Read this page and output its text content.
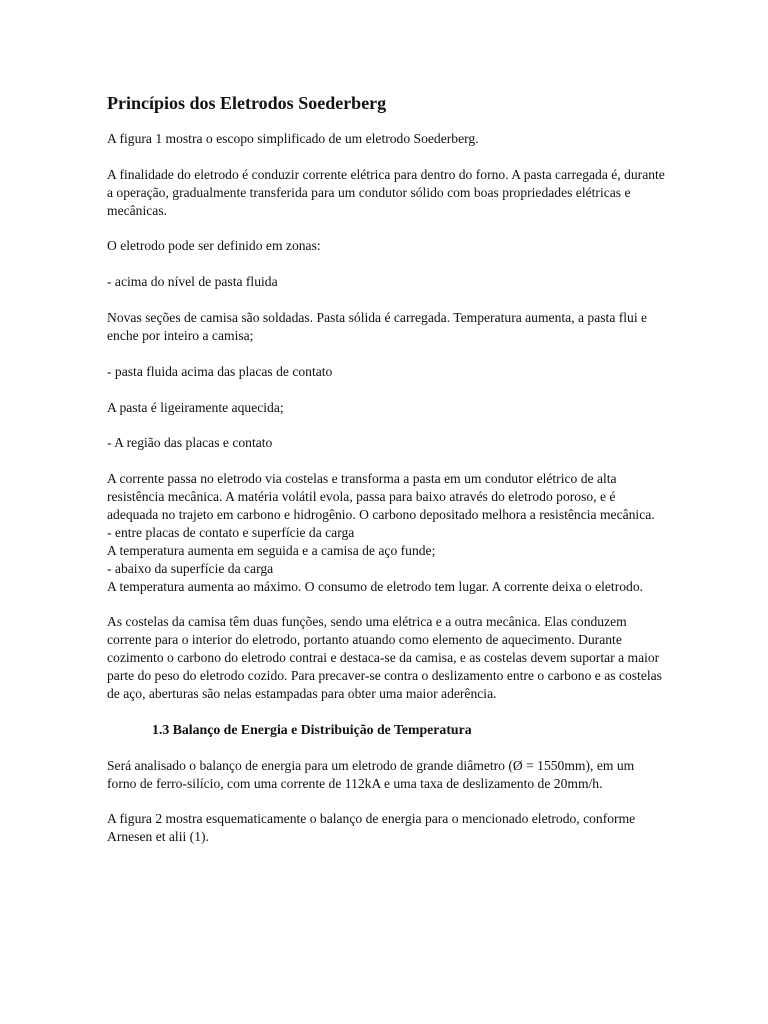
Princípios dos Eletrodos Soederberg

A figura 1 mostra o escopo simplificado de um eletrodo Soederberg.

A finalidade do eletrodo é conduzir corrente elétrica para dentro do forno. A pasta carregada é, durante a operação, gradualmente transferida para um condutor sólido com boas propriedades elétricas e mecânicas.

O eletrodo pode ser definido em zonas:

- acima do nível de pasta fluida

Novas seções de camisa são soldadas. Pasta sólida é carregada. Temperatura aumenta, a pasta flui e enche por inteiro a camisa;

- pasta fluida acima das placas de contato

A pasta é ligeiramente aquecida;

- A região das placas e contato

A corrente passa no eletrodo via costelas e transforma a pasta em um condutor elétrico de alta resistência mecânica. A matéria volátil evola, passa para baixo através do eletrodo poroso, e é adequada no trajeto em carbono e hidrogênio. O carbono depositado melhora a resistência mecânica.

- entre placas de contato e superfície da carga

A temperatura aumenta em seguida e a camisa de aço funde;

- abaixo da superfície da carga

A temperatura aumenta ao máximo. O consumo de eletrodo tem lugar. A corrente deixa o eletrodo.

As costelas da camisa têm duas funções, sendo uma elétrica e a outra mecânica. Elas conduzem corrente para o interior do eletrodo, portanto atuando como elemento de aquecimento. Durante cozimento o carbono do eletrodo contrai e destaca-se da camisa, e as costelas devem suportar a maior parte do peso do eletrodo cozido. Para precaver-se contra o deslizamento entre o carbono e as costelas de aço, aberturas são nelas estampadas para obter uma maior aderência.

1.3 Balanço de Energia e Distribuição de Temperatura

Será analisado o balanço de energia para um eletrodo de grande diâmetro (Ø = 1550mm), em um forno de ferro-silício, com uma corrente de 112kA e uma taxa de deslizamento de 20mm/h.

A figura 2 mostra esquematicamente o balanço de energia para o mencionado eletrodo, conforme Arnesen et alii (1).
